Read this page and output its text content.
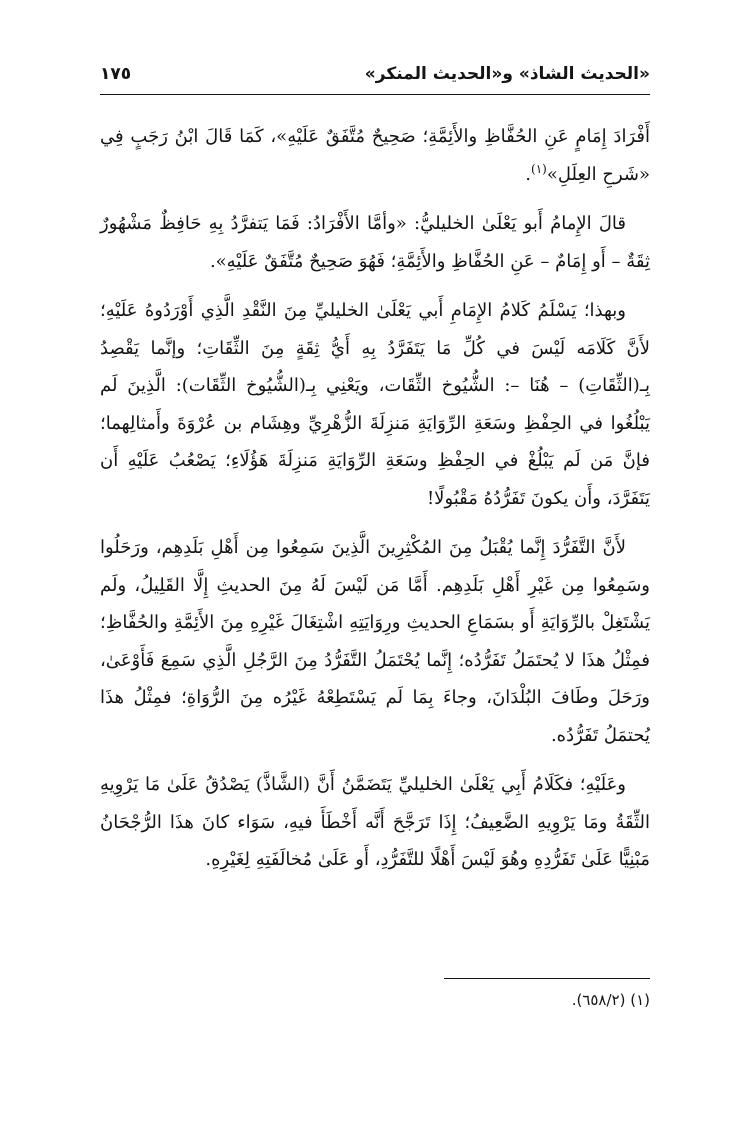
«الحديث الشاذ» و«الحديث المنكر»
١٧٥

أَفْرَادَ إِمَامٍ عَنِ الحُفَّاظِ والأَئِمَّةِ؛ صَحِيحٌ مُتَّفَقٌ عَلَيْهِ»، كَمَا قَالَ ابْنُ رَجَبٍ فِي «شَرحِ العِلَلِ»$^{(١)}$.

قالَ الإِمامُ أَبو يَعْلَىٰ الخليليُّ: «وأمَّا الأَفْرَادُ: فَمَا يَتفرَّدُ بِهِ حَافِظٌ مَشْهُورٌ ثِقَةٌ – أَو إِمَامٌ – عَنِ الحُفَّاظِ والأَئِمَّةِ؛ فَهُوَ صَحِيحٌ مُتَّفَقٌ عَلَيْهِ».

وبهذا؛ يَسْلَمُ كَلامُ الإِمَامِ أَبي يَعْلَىٰ الخليليِّ مِنَ النَّقْدِ الَّذِي أَوْرَدُوهُ عَلَيْهِ؛ لأَنَّ كَلَامَه لَيْسَ في كُلِّ مَا يَتَفَرَّدُ بِهِ أَيُّ ثِقَةٍ مِنَ الثِّقَاتِ؛ وإنَّما يَقْصِدُ بِـ(الثِّقَاتِ) – هُنَا –: الشُّيُوخ الثِّقَات، ويَعْنِي بِـ(الشُّيُوخ الثِّقَات): الَّذِينَ لَم يَبْلُغُوا في الحِفْظِ وسَعَةِ الرِّوَايَةِ مَنزِلَةَ الزُّهْرِيِّ وهِشَام بن عُرْوَةَ وأَمثالِهما؛ فإنَّ مَن لَم يَبْلُغْ في الحِفْظِ وسَعَةِ الرِّوَايَةِ مَنزِلَةَ هَؤُلَاءِ؛ يَصْعُبُ عَلَيْهِ أَن يَتَفَرَّدَ، وأَن يكونَ تَفَرُّدُهُ مَقْبُولًا!

لأَنَّ التَّفَرُّدَ إِنَّما يُقْبَلُ مِنَ المُكْثِرِينَ الَّذِينَ سَمِعُوا مِن أَهْلِ بَلَدِهِم، ورَحَلُوا وسَمِعُوا مِن غَيْرِ أَهْلِ بَلَدِهِم. أَمَّا مَن لَيْسَ لَهُ مِنَ الحديثِ إِلَّا القَلِيلُ، ولَم يَشْتَغِلْ بالرِّوَايَةِ أَو بسَمَاعِ الحديثِ ورِوَايَتِهِ اشْتِغَالَ غَيْرِهِ مِنَ الأَئِمَّةِ والحُفَّاظِ؛ فمِثْلُ هذَا لا يُحتَمَلُ تَفَرُّدُه؛ إِنَّما يُحْتَمَلُ التَّفَرُّدُ مِنَ الرَّجُلِ الَّذِي سَمِعَ فَأَوْعَىٰ، ورَحَلَ وطَافَ البُلْدَانَ، وجاءَ بِمَا لَم يَسْتَطِعْهُ غَيْرُه مِنَ الرُّوَاةِ؛ فمِثْلُ هذَا يُحتمَلُ تَفَرُّدُه.

وعَلَيْهِ؛ فكَلَامُ أَبِي يَعْلَىٰ الخليليِّ يَتَضَمَّنُ أَنَّ (الشَّاذَّ) يَصْدُقُ عَلَىٰ مَا يَرْوِيهِ الثِّقَةُ ومَا يَرْوِيهِ الضَّعِيفُ؛ إِذَا تَرَجَّحَ أَنَّه أَخْطَأَ فيهِ، سَوَاء كانَ هذَا الرُّجْحَانُ مَبْنِيًّا عَلَىٰ تَفَرُّدِهِ وهُوَ لَيْسَ أَهْلًا للتَّفَرُّدِ، أَو عَلَىٰ مُخالَفَتِهِ لِغَيْرِهِ.

(١) (٦٥٨/٢).
